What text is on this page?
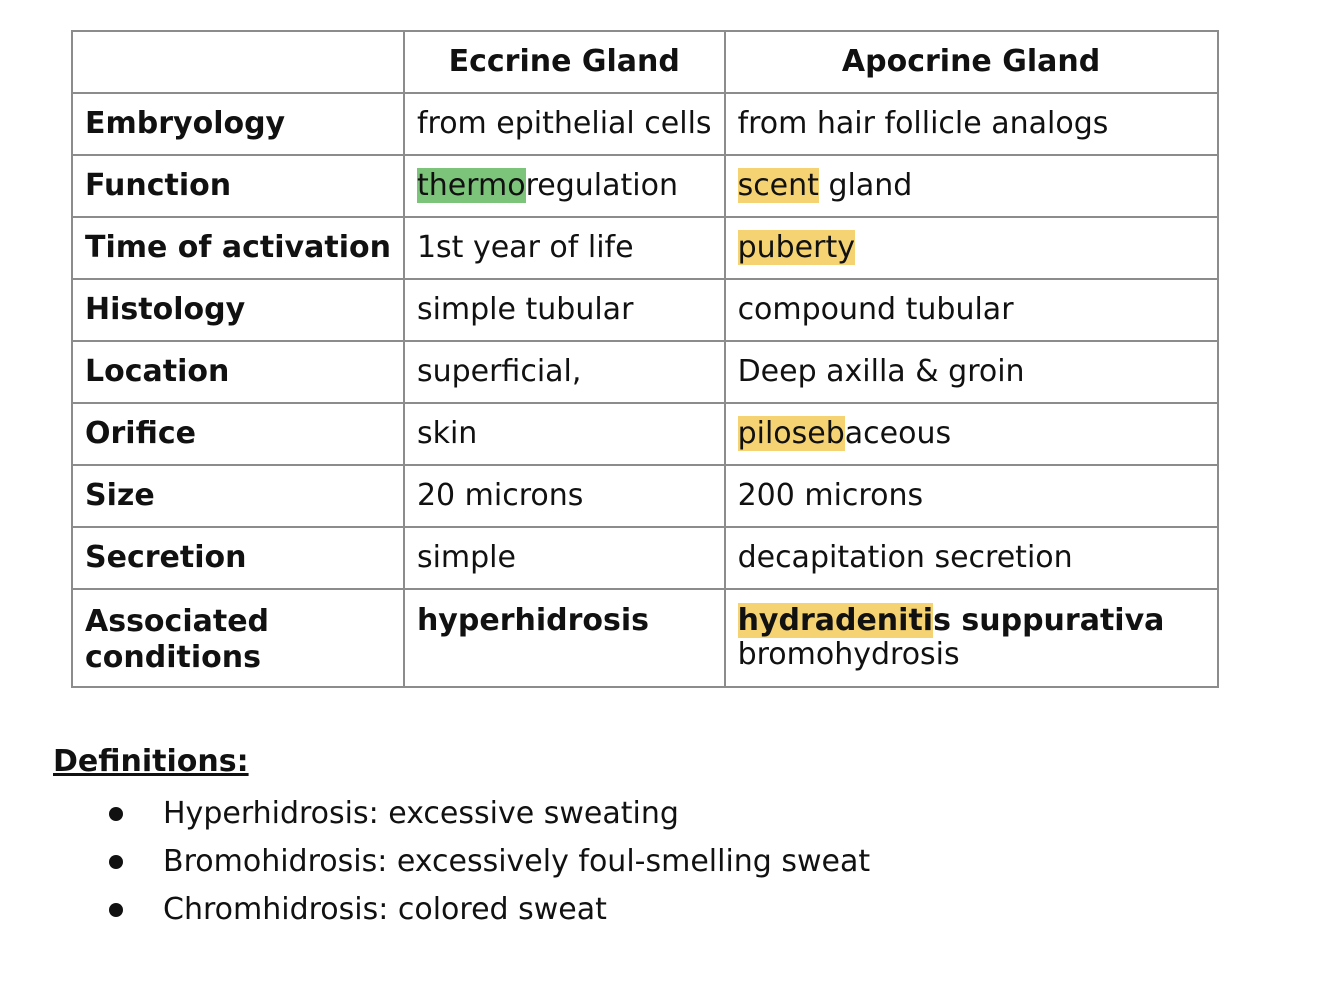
	Eccrine Gland	Apocrine Gland
Embryology	from epithelial cells	from hair follicle analogs

Function	thermoregulation	scent gland

Time of activation	1st year of life	puberty

Histology	simple tubular	compound tubular

Location	superficial,	Deep axilla & groin

Orifice	skin	pilosebaceous

Size	20 microns	200 microns

Secretion	simple	decapitation secretion

Associated conditions	hyperhidrosis	hydradenitis suppurativa
bromohydrosis
Definitions:
Hyperhidrosis: excessive sweating
Bromohidrosis: excessively foul-smelling sweat
Chromhidrosis: colored sweat
